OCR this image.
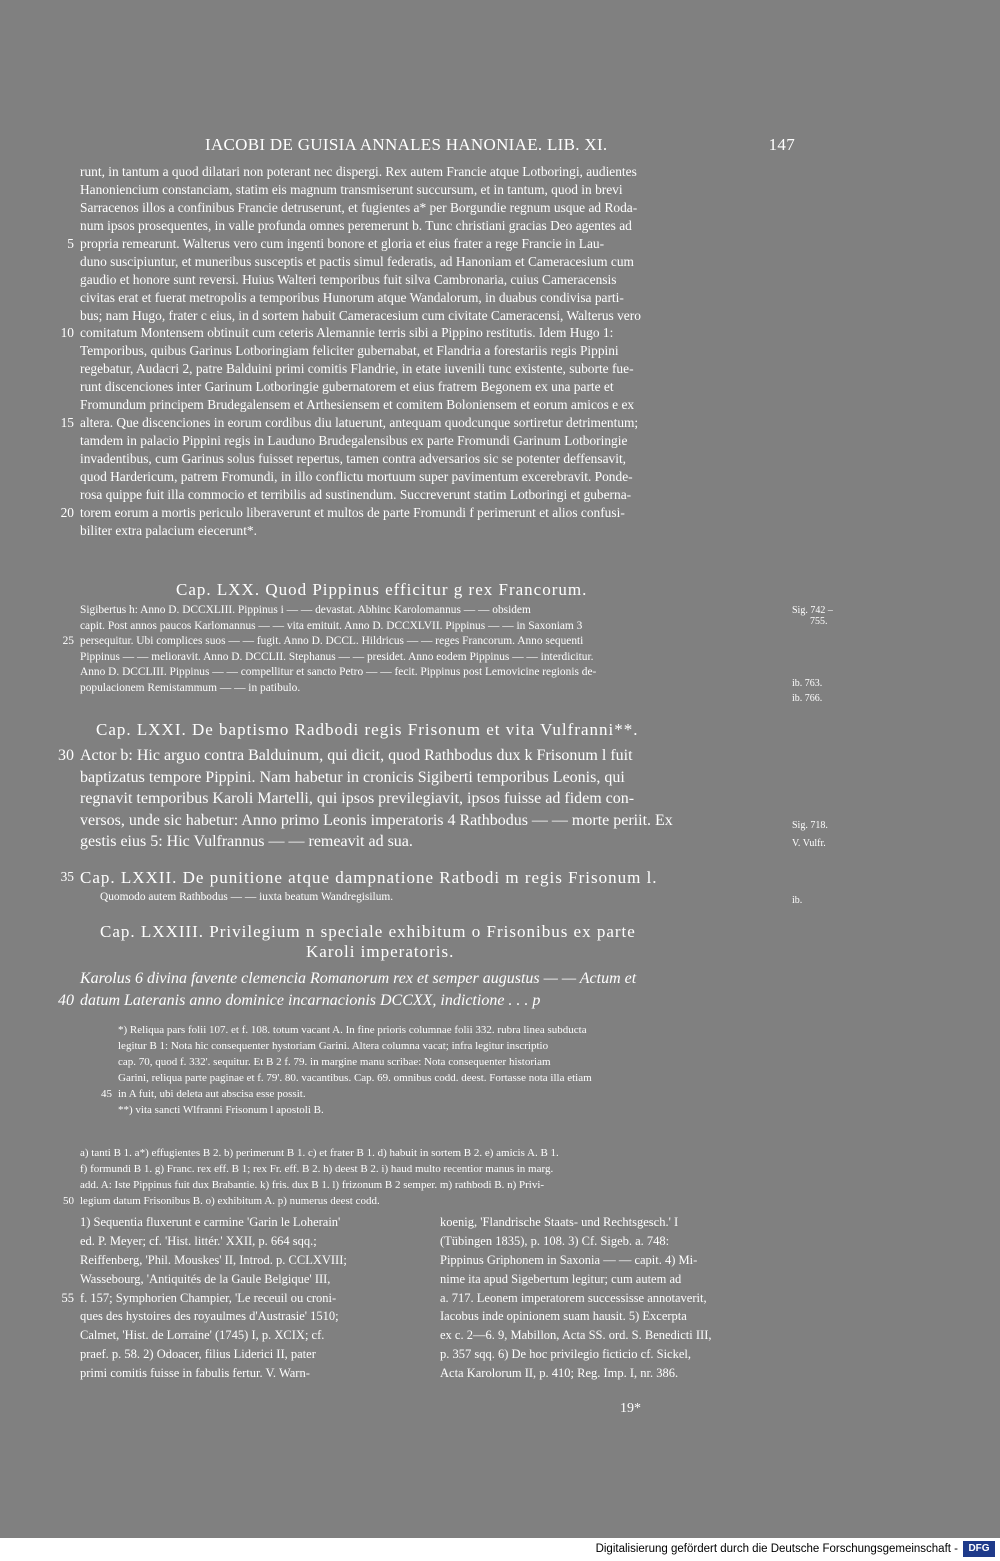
IACOBI DE GUISIA ANNALES HANONIAE. LIB. XI.	147
runt, in tantum a quod dilatari non poterant nec dispergi. Rex autem Francie atque Lotboringi, audientes
Hanoniencium constanciam, statim eis magnum transmiserunt succursum, et in tantum, quod in brevi
Sarracenos illos a confinibus Francie detruserunt, et fugientes a* per Borgundie regnum usque ad Roda-
num ipsos prosequentes, in valle profunda omnes peremerunt b. Tunc christiani gracias Deo agentes ad
5 propria remearunt. Walterus vero cum ingenti bonore et gloria et eius frater a rege Francie in Lau-
duno suscipiuntur, et muneribus susceptis et pactis simul federatis, ad Hanoniam et Cameracesium cum
gaudio et honore sunt reversi. Huius Walteri temporibus fuit silva Cambronaria, cuius Cameracensis
civitas erat et fuerat metropolis a temporibus Hunorum atque Wandalorum, in duabus condivisa parti-
bus; nam Hugo, frater c eius, in d sortem habuit Cameracesium cum civitate Cameracensi, Walterus vero
10 comitatum Montensem obtinuit cum ceteris Alemannie terris sibi a Pippino restitutis. Idem Hugo 1:
Temporibus, quibus Garinus Lotboringiam feliciter gubernabat, et Flandria a forestariis regis Pippini
regebatur, Audacri 2, patre Balduini primi comitis Flandrie, in etate iuvenili tunc existente, suborte fue-
runt discenciones inter Garinum Lotboringie gubernatorem et eius fratrem Begonem ex una parte et
Fromundum principem Brudegalensem et Arthesiensem et comitem Boloniensem et eorum amicos e ex
15 altera. Que discenciones in eorum cordibus diu latuerunt, antequam quodcunque sortiretur detrimentum;
tamdem in palacio Pippini regis in Lauduno Brudegalensibus ex parte Fromundi Garinum Lotboringie
invadentibus, cum Garinus solus fuisset repertus, tamen contra adversarios sic se potenter deffensavit,
quod Hardericum, patrem Fromundi, in illo conflictu mortuum super pavimentum excerebravit. Ponde-
rosa quippe fuit illa commocio et terribilis ad sustinendum. Succreverunt statim Lotboringi et guberna-
20 torem eorum a mortis periculo liberaverunt et multos de parte Fromundi f perimerunt et alios confusi-
biliter extra palacium eiecerunt*.
Cap. LXX. Quod Pippinus efficitur g rex Francorum.
Sigibertus h: Anno D. DCCXLIII. Pippinus i — — devastat. Abhinc Karolomannus — — obsidem
capit. Post annos paucos Karlomannus — — vita emituit. Anno D. DCCXLVII. Pippinus — — in Saxoniam 3
25 persequitur. Ubi complices suos — — fugit. Anno D. DCCL. Hildricus — — reges Francorum. Anno sequenti
Pippinus — — melioravit. Anno D. DCCLII. Stephanus — — presidet. Anno eodem Pippinus — — interdicitur.
Anno D. DCCLIII. Pippinus — — compellitur et sancto Petro — — fecit. Pippinus post Lemovicine regionis de-
populacionem Remistammum — — in patibulo.
Sig. 742 –
755.
ib. 763.
ib. 766.
Cap. LXXI. De baptismo Radbodi regis Frisonum et vita Vulfranni**.
30 Actor b: Hic arguo contra Balduinum, qui dicit, quod Rathbodus dux k Frisonum l fuit
baptizatus tempore Pippini. Nam habetur in cronicis Sigiberti temporibus Leonis, qui
regnavit temporibus Karoli Martelli, qui ipsos previlegiavit, ipsos fuisse ad fidem con-
versos, unde sic habetur: Anno primo Leonis imperatoris 4 Rathbodus — — morte periit. Ex
gestis eius 5: Hic Vulfrannus — — remeavit ad sua.
Sig. 718.
V. Vulfr.
Cap. LXXII. De punitione atque dampnatione Ratbodi m regis Frisonum l.
35
Quomodo autem Rathbodus — — iuxta beatum Wandregisilum.	ib.
Cap. LXXIII. Privilegium n speciale exhibitum o Frisonibus ex parte
Karoli imperatoris.
Karolus 6 divina favente clemencia Romanorum rex et semper augustus — — Actum et
40 datum Lateranis anno dominice incarnacionis DCCXX, indictione . . . p
*) Reliqua pars folii 107. et f. 108. totum vacant A. In fine prioris columnae folii 332. rubra linea subducta
legitur B 1: Nota hic consequenter hystoriam Garini. Altera columna vacat; infra legitur inscriptio
cap. 70, quod f. 332'. sequitur. Et B 2 f. 79. in margine manu scribae: Nota consequenter historiam
Garini, reliqua parte paginae et f. 79'. 80. vacantibus. Cap. 69. omnibus codd. deest. Fortasse nota illa etiam
45 in A fuit, ubi deleta aut abscisa esse possit.
**) vita sancti Wlfranni Frisonum l apostoli B.
a) tanti B 1. a*) effugientes B 2. b) perimerunt B 1. c) et frater B 1. d) habuit in sortem B 2. e) amicis A. B 1.
f) formundi B 1. g) Franc. rex eff. B 1; rex Fr. eff. B 2. h) deest B 2. i) haud multo recentior manus in marg.
add. A: Iste Pippinus fuit dux Brabantie. k) fris. dux B 1. l) frizonum B 2 semper. m) rathbodi B. n) Privi-
50 legium datum Frisonibus B. o) exhibitum A. p) numerus deest codd.
1) Sequentia fluxerunt e carmine 'Garin le Loherain'
ed. P. Meyer; cf. 'Hist. littér.' XXII, p. 664 sqq.;
Reiffenberg, 'Phil. Mouskes' II, Introd. p. CCLXVIII;
Wassebourg, 'Antiquités de la Gaule Belgique' III,
55 f. 157; Symphorien Champier, 'Le receuil ou croni-
ques des hystoires des royaulmes d'Austrasie' 1510;
Calmet, 'Hist. de Lorraine' (1745) I, p. XCIX; cf.
praef. p. 58. 2) Odoacer, filius Liderici II, pater
primi comitis fuisse in fabulis fertur. V. Warn-
koenig, 'Flandrische Staats- und Rechtsgesch.' I
(Tübingen 1835), p. 108. 3) Cf. Sigeb. a. 748:
Pippinus Griphonem in Saxonia — — capit. 4) Mi-
nime ita apud Sigebertum legitur; cum autem ad
a. 717. Leonem imperatorem successisse annotaverit,
Iacobus inde opinionem suam hausit. 5) Excerpta
ex c. 2—6. 9, Mabillon, Acta SS. ord. S. Benedicti III,
p. 357 sqq. 6) De hoc privilegio ficticio cf. Sickel,
Acta Karolorum II, p. 410; Reg. Imp. I, nr. 386.
19*
Digitalisierung gefördert durch die Deutsche Forschungsgemeinschaft -	DFG
